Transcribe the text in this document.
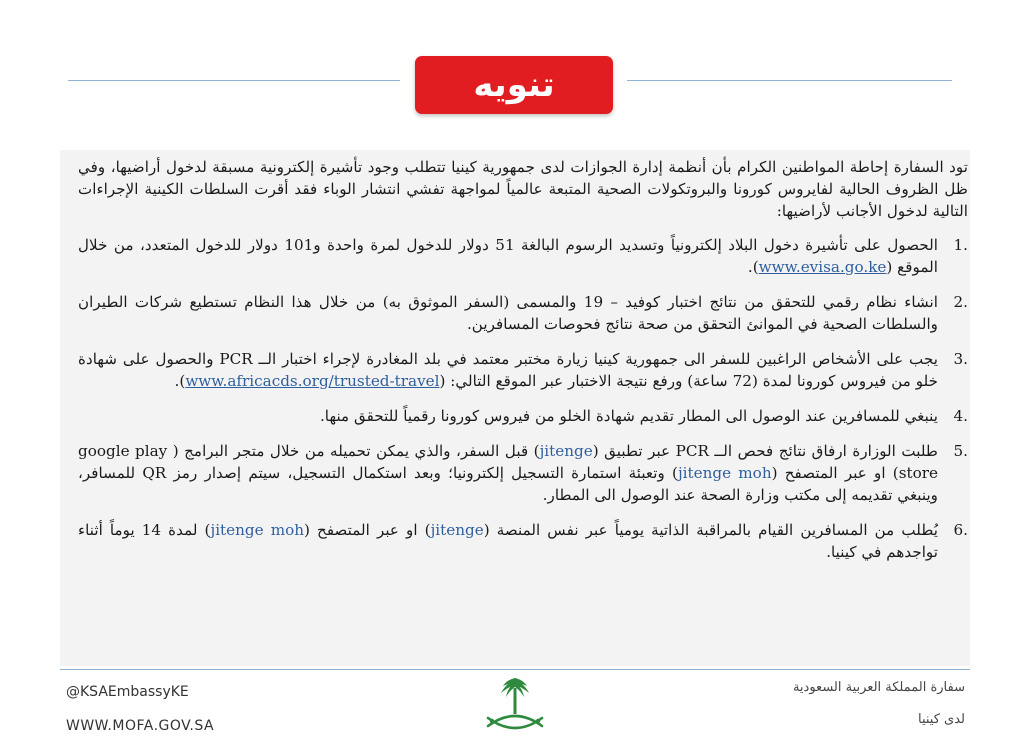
تنويه

تود السفارة إحاطة المواطنين الكرام بأن أنظمة إدارة الجوازات لدى جمهورية كينيا تتطلب وجود تأشيرة إلكترونية مسبقة لدخول أراضيها، وفي ظل الظروف الحالية لفايروس كورونا والبروتكولات الصحية المتبعة عالمياً لمواجهة تفشي انتشار الوباء فقد أقرت السلطات الكينية الإجراءات التالية لدخول الأجانب لأراضيها:

.1
الحصول على تأشيرة دخول البلاد إلكترونياً وتسديد الرسوم البالغة 51 دولار للدخول لمرة واحدة و101 دولار للدخول المتعدد، من خلال الموقع (www.evisa.go.ke).
.2
انشاء نظام رقمي للتحقق من نتائج اختبار كوفيد – 19 والمسمى (السفر الموثوق به) من خلال هذا النظام تستطيع شركات الطيران والسلطات الصحية في الموانئ التحقق من صحة نتائج فحوصات المسافرين.
.3
يجب على الأشخاص الراغبين للسفر الى جمهورية كينيا زيارة مختبر معتمد في بلد المغادرة لإجراء اختبار الــ PCR والحصول على شهادة خلو من فيروس كورونا لمدة (72 ساعة) ورفع نتيجة الاختبار عبر الموقع التالي: (www.africacds.org/trusted-travel).
.4
ينبغي للمسافرين عند الوصول الى المطار تقديم شهادة الخلو من فيروس كورونا رقمياً للتحقق منها.
.5
طلبت الوزارة ارفاق نتائج فحص الــ PCR عبر تطبيق (jitenge) قبل السفر، والذي يمكن تحميله من خلال متجر البرامج ( google play store) او عبر المتصفح (jitenge moh) وتعبئة استمارة التسجيل إلكترونيا؛ وبعد استكمال التسجيل، سيتم إصدار رمز QR للمسافر، وينبغي تقديمه إلى مكتب وزارة الصحة عند الوصول الى المطار.
.6
يُطلب من المسافرين القيام بالمراقبة الذاتية يومياً عبر نفس المنصة (jitenge) او عبر المتصفح (jitenge moh) لمدة 14 يوماً أثناء تواجدهم في كينيا.
@KSAEmbassyKE
WWW.MOFA.GOV.SA
سفارة المملكة العربية السعودية
لدى كينيا
